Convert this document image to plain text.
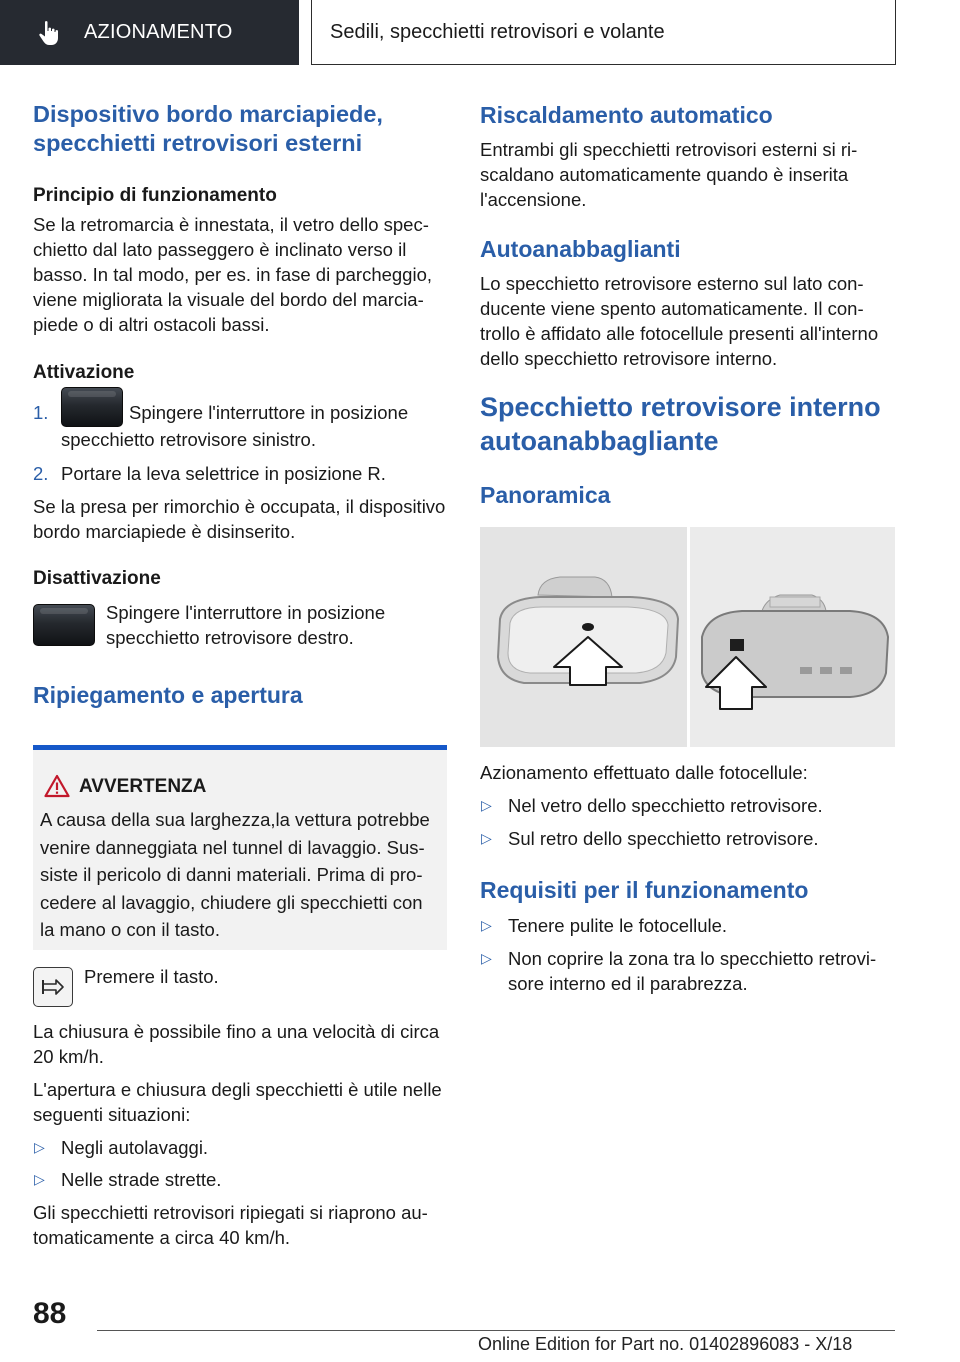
AZIONAMENTO	Sedili, specchietti retrovisori e volante
Dispositivo bordo marciapiede, specchietti retrovisori esterni
Principio di funzionamento

Se la retromarcia è innestata, il vetro dello specchietto dal lato passeggero è inclinato verso il basso. In tal modo, per es. in fase di parcheggio, viene migliorata la visuale del bordo del marciapiede o di altri ostacoli bassi.

Attivazione
1.	Spingere l'interruttore in posizione specchietto retrovisore sinistro.
2. Portare la leva selettrice in posizione R.

Se la presa per rimorchio è occupata, il dispositivo bordo marciapiede è disinserito.

Disattivazione

Spingere l'interruttore in posizione specchietto retrovisore destro.

Ripiegamento e apertura
AVVERTENZA

A causa della sua larghezza,la vettura potrebbe venire danneggiata nel tunnel di lavaggio. Sussiste il pericolo di danni materiali. Prima di procedere al lavaggio, chiudere gli specchietti con la mano o con il tasto.

Premere il tasto.

La chiusura è possibile fino a una velocità di circa 20 km/h.

L'apertura e chiusura degli specchietti è utile nelle seguenti situazioni:

▷ Negli autolavaggi.
▷ Nelle strade strette.

Gli specchietti retrovisori ripiegati si riaprono automaticamente a circa 40 km/h.

Riscaldamento automatico

Entrambi gli specchietti retrovisori esterni si riscaldano automaticamente quando è inserita l'accensione.

Autoanabbaglianti

Lo specchietto retrovisore esterno sul lato conducente viene spento automaticamente. Il controllo è affidato alle fotocellule presenti all'interno dello specchietto retrovisore interno.

Specchietto retrovisore interno autoanabbagliante
Panoramica

Azionamento effettuato dalle fotocellule:

▷ Nel vetro dello specchietto retrovisore.
▷ Sul retro dello specchietto retrovisore.
Requisiti per il funzionamento
▷ Tenere pulite le fotocellule.
▷ Non coprire la zona tra lo specchietto retrovisore interno ed il parabrezza.
88
Online Edition for Part no. 01402896083 - X/18
